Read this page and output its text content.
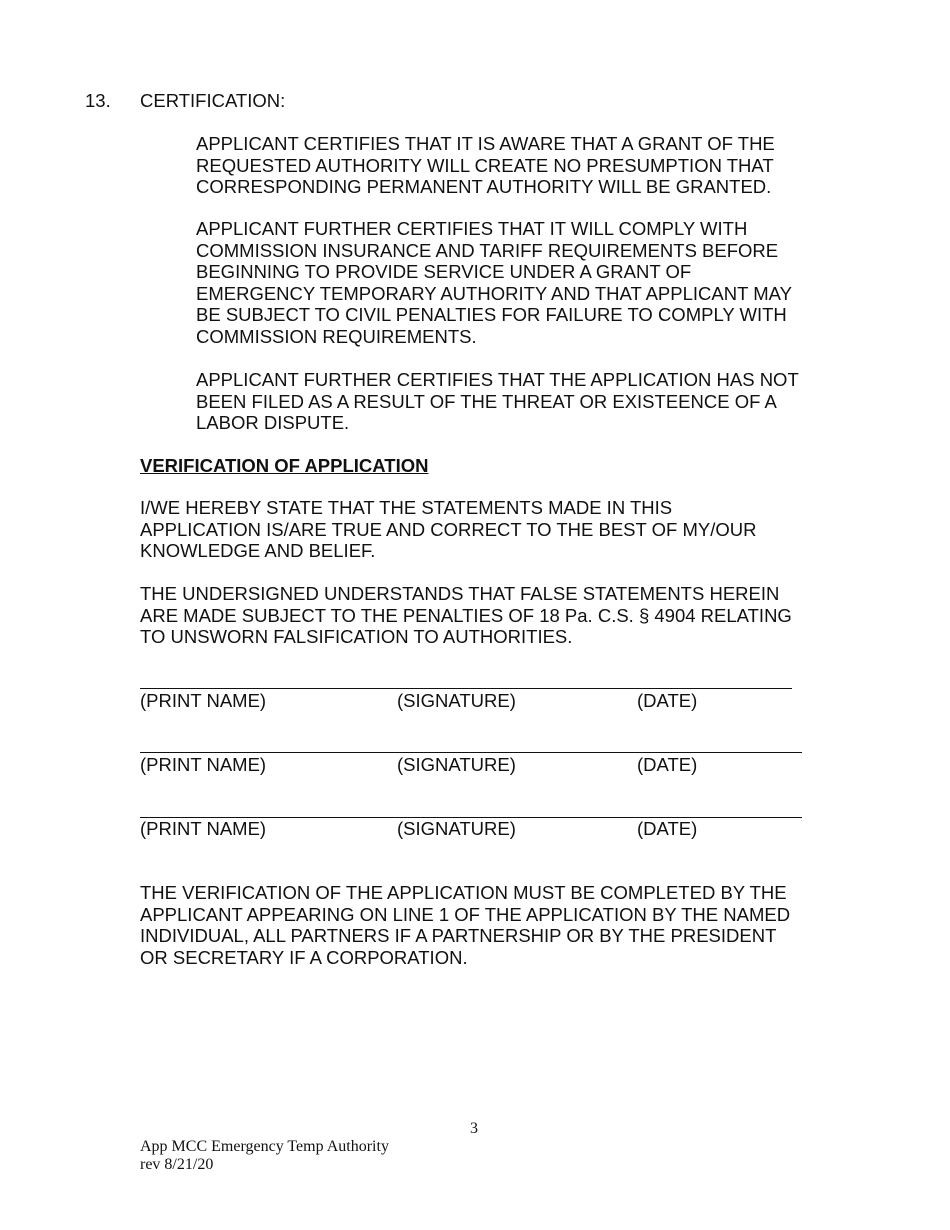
13. CERTIFICATION:
APPLICANT CERTIFIES THAT IT IS AWARE THAT A GRANT OF THE
REQUESTED AUTHORITY WILL CREATE NO PRESUMPTION THAT
CORRESPONDING PERMANENT AUTHORITY WILL BE GRANTED.
APPLICANT FURTHER CERTIFIES THAT IT WILL COMPLY WITH
COMMISSION INSURANCE AND TARIFF REQUIREMENTS BEFORE
BEGINNING TO PROVIDE SERVICE UNDER A GRANT OF
EMERGENCY TEMPORARY AUTHORITY AND THAT APPLICANT MAY
BE SUBJECT TO CIVIL PENALTIES FOR FAILURE TO COMPLY WITH
COMMISSION REQUIREMENTS.
APPLICANT FURTHER CERTIFIES THAT THE APPLICATION HAS NOT
BEEN FILED AS A RESULT OF THE THREAT OR EXISTEENCE OF A
LABOR DISPUTE.
VERIFICATION OF APPLICATION
I/WE HEREBY STATE THAT THE STATEMENTS MADE IN THIS
APPLICATION IS/ARE TRUE AND CORRECT TO THE BEST OF MY/OUR
KNOWLEDGE AND BELIEF.
THE UNDERSIGNED UNDERSTANDS THAT FALSE STATEMENTS HEREIN
ARE MADE SUBJECT TO THE PENALTIES OF 18 Pa. C.S. § 4904 RELATING
TO UNSWORN FALSIFICATION TO AUTHORITIES.
(PRINT NAME)	(SIGNATURE)	(DATE)
(PRINT NAME)	(SIGNATURE)	(DATE)
(PRINT NAME)	(SIGNATURE)	(DATE)
THE VERIFICATION OF THE APPLICATION MUST BE COMPLETED BY THE
APPLICANT APPEARING ON LINE 1 OF THE APPLICATION BY THE NAMED
INDIVIDUAL, ALL PARTNERS IF A PARTNERSHIP OR BY THE PRESIDENT
OR SECRETARY IF A CORPORATION.
3
App MCC Emergency Temp Authority
rev 8/21/20
